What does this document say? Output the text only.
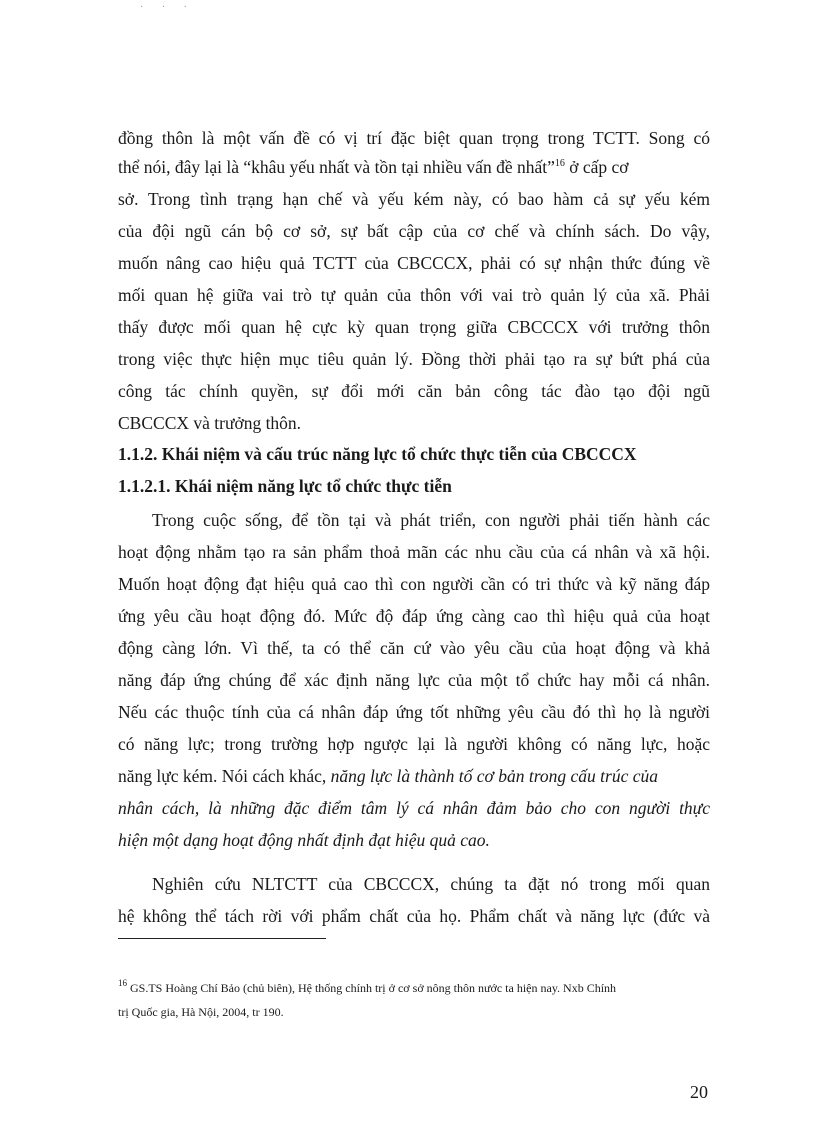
· · ·
đồng thôn là một vấn đề có vị trí đặc biệt quan trọng trong TCTT. Song có
thể nói, đây lại là “khâu yếu nhất và tồn tại nhiều vấn đề nhất”$^{16}$ ở cấp cơ
sở. Trong tình trạng hạn chế và yếu kém này, có bao hàm cả sự yếu kém
của đội ngũ cán bộ cơ sở, sự bất cập của cơ chế và chính sách. Do vậy,
muốn nâng cao hiệu quả TCTT của CBCCCX, phải có sự nhận thức đúng về
mối quan hệ giữa vai trò tự quản của thôn với vai trò quản lý của xã. Phải
thấy được mối quan hệ cực kỳ quan trọng giữa CBCCCX với trưởng thôn
trong việc thực hiện mục tiêu quản lý. Đồng thời phải tạo ra sự bứt phá của
công tác chính quyền, sự đổi mới căn bản công tác đào tạo đội ngũ
CBCCCX và trưởng thôn.
1.1.2. Khái niệm và cấu trúc năng lực tổ chức thực tiễn của CBCCCX
1.1.2.1. Khái niệm năng lực tổ chức thực tiễn
Trong cuộc sống, để tồn tại và phát triển, con người phải tiến hành các
hoạt động nhằm tạo ra sản phẩm thoả mãn các nhu cầu của cá nhân và xã hội.
Muốn hoạt động đạt hiệu quả cao thì con người cần có tri thức và kỹ năng đáp
ứng yêu cầu hoạt động đó. Mức độ đáp ứng càng cao thì hiệu quả của hoạt
động càng lớn. Vì thế, ta có thể căn cứ vào yêu cầu của hoạt động và khả
năng đáp ứng chúng để xác định năng lực của một tổ chức hay mỗi cá nhân.
Nếu các thuộc tính của cá nhân đáp ứng tốt những yêu cầu đó thì họ là người
có năng lực; trong trường hợp ngược lại là người không có năng lực, hoặc
năng lực kém. Nói cách khác, năng lực là thành tố cơ bản trong cấu trúc của
nhân cách, là những đặc điểm tâm lý cá nhân đảm bảo cho con người thực
hiện một dạng hoạt động nhất định đạt hiệu quả cao.
Nghiên cứu NLTCTT của CBCCCX, chúng ta đặt nó trong mối quan
hệ không thể tách rời với phẩm chất của họ. Phẩm chất và năng lực (đức và
$^{16}$ GS.TS Hoàng Chí Bảo (chủ biên), Hệ thống chính trị ở cơ sở nông thôn nước ta hiện nay. Nxb Chính
trị Quốc gia, Hà Nội, 2004, tr 190.
20
